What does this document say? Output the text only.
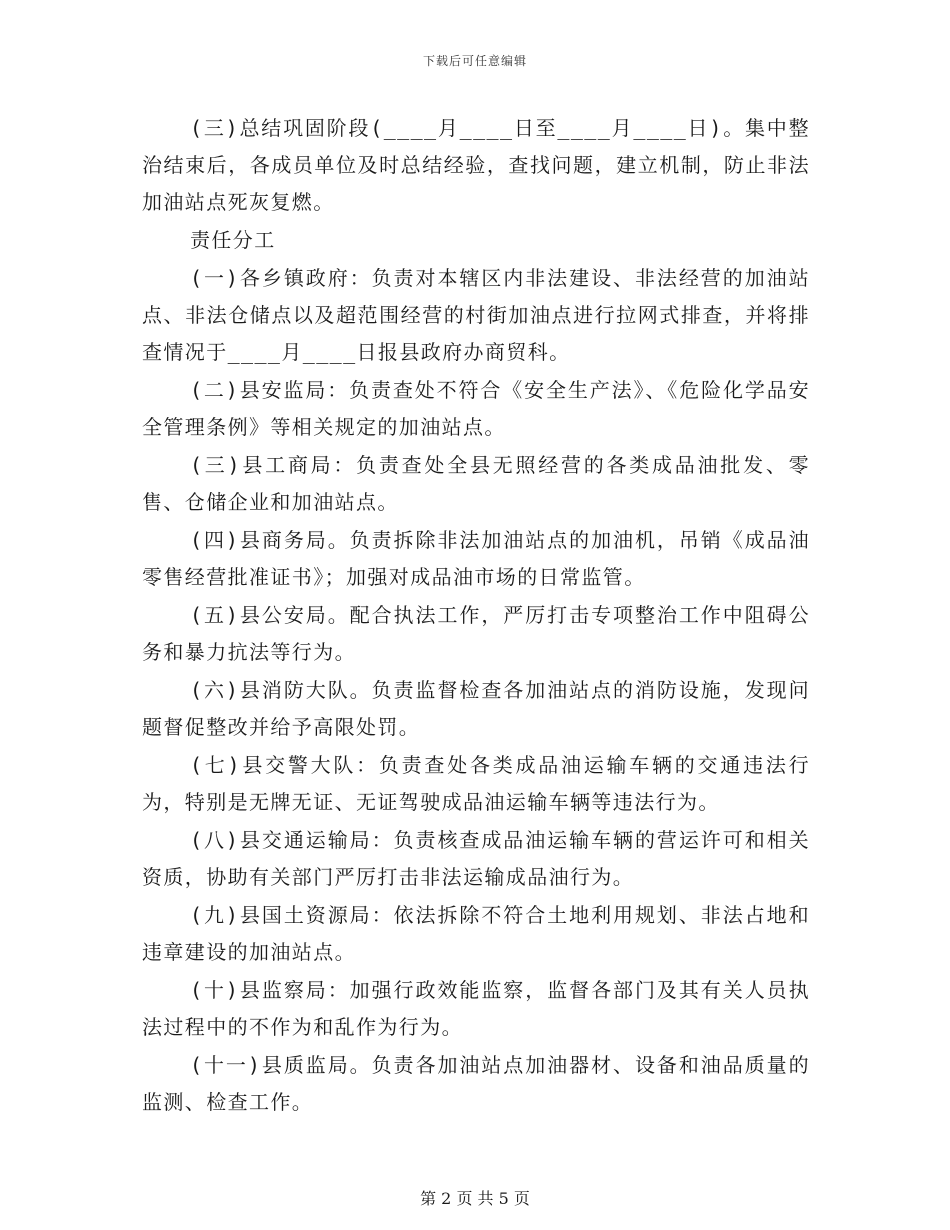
下载后可任意编辑

(三)总结巩固阶段(____月____日至____月____日)。集中整治结束后，各成员单位及时总结经验，查找问题，建立机制，防止非法加油站点死灰复燃。

责任分工

(一)各乡镇政府：负责对本辖区内非法建设、非法经营的加油站点、非法仓储点以及超范围经营的村街加油点进行拉网式排查，并将排查情况于____月____日报县政府办商贸科。

(二)县安监局：负责查处不符合《安全生产法》、《危险化学品安全管理条例》等相关规定的加油站点。

(三)县工商局：负责查处全县无照经营的各类成品油批发、零售、仓储企业和加油站点。

(四)县商务局。负责拆除非法加油站点的加油机，吊销《成品油零售经营批准证书》；加强对成品油市场的日常监管。

(五)县公安局。配合执法工作，严厉打击专项整治工作中阻碍公务和暴力抗法等行为。

(六)县消防大队。负责监督检查各加油站点的消防设施，发现问题督促整改并给予高限处罚。

(七)县交警大队：负责查处各类成品油运输车辆的交通违法行为，特别是无牌无证、无证驾驶成品油运输车辆等违法行为。

(八)县交通运输局：负责核查成品油运输车辆的营运许可和相关资质，协助有关部门严厉打击非法运输成品油行为。

(九)县国土资源局：依法拆除不符合土地利用规划、非法占地和违章建设的加油站点。

(十)县监察局：加强行政效能监察，监督各部门及其有关人员执法过程中的不作为和乱作为行为。

(十一)县质监局。负责各加油站点加油器材、设备和油品质量的监测、检查工作。

第 2 页 共 5 页
